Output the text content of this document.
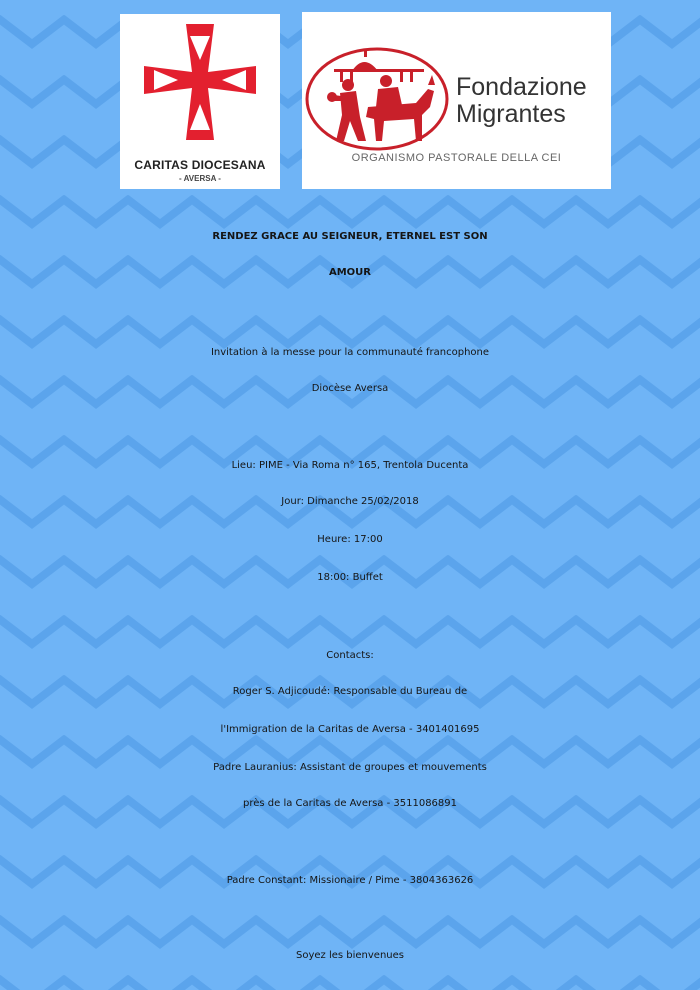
CARITAS DIOCESANA
- AVERSA -
Fondazione
Migrantes
ORGANISMO PASTORALE DELLA CEI
RENDEZ GRACE AU SEIGNEUR, ETERNEL EST SON
AMOUR
Invitation à la messe pour la communauté francophone
Diocèse Aversa
Lieu: PIME - Via Roma n° 165, Trentola Ducenta
Jour: Dimanche 25/02/2018
Heure: 17:00
18:00: Buffet
Contacts:
Roger S. Adjicoudé: Responsable du Bureau de
l'Immigration de la Caritas de Aversa - 3401401695
Padre Lauranius: Assistant de groupes et mouvements
près de la Caritas de Aversa - 3511086891
Padre Constant: Missionaire / Pime - 3804363626
Soyez les bienvenues
